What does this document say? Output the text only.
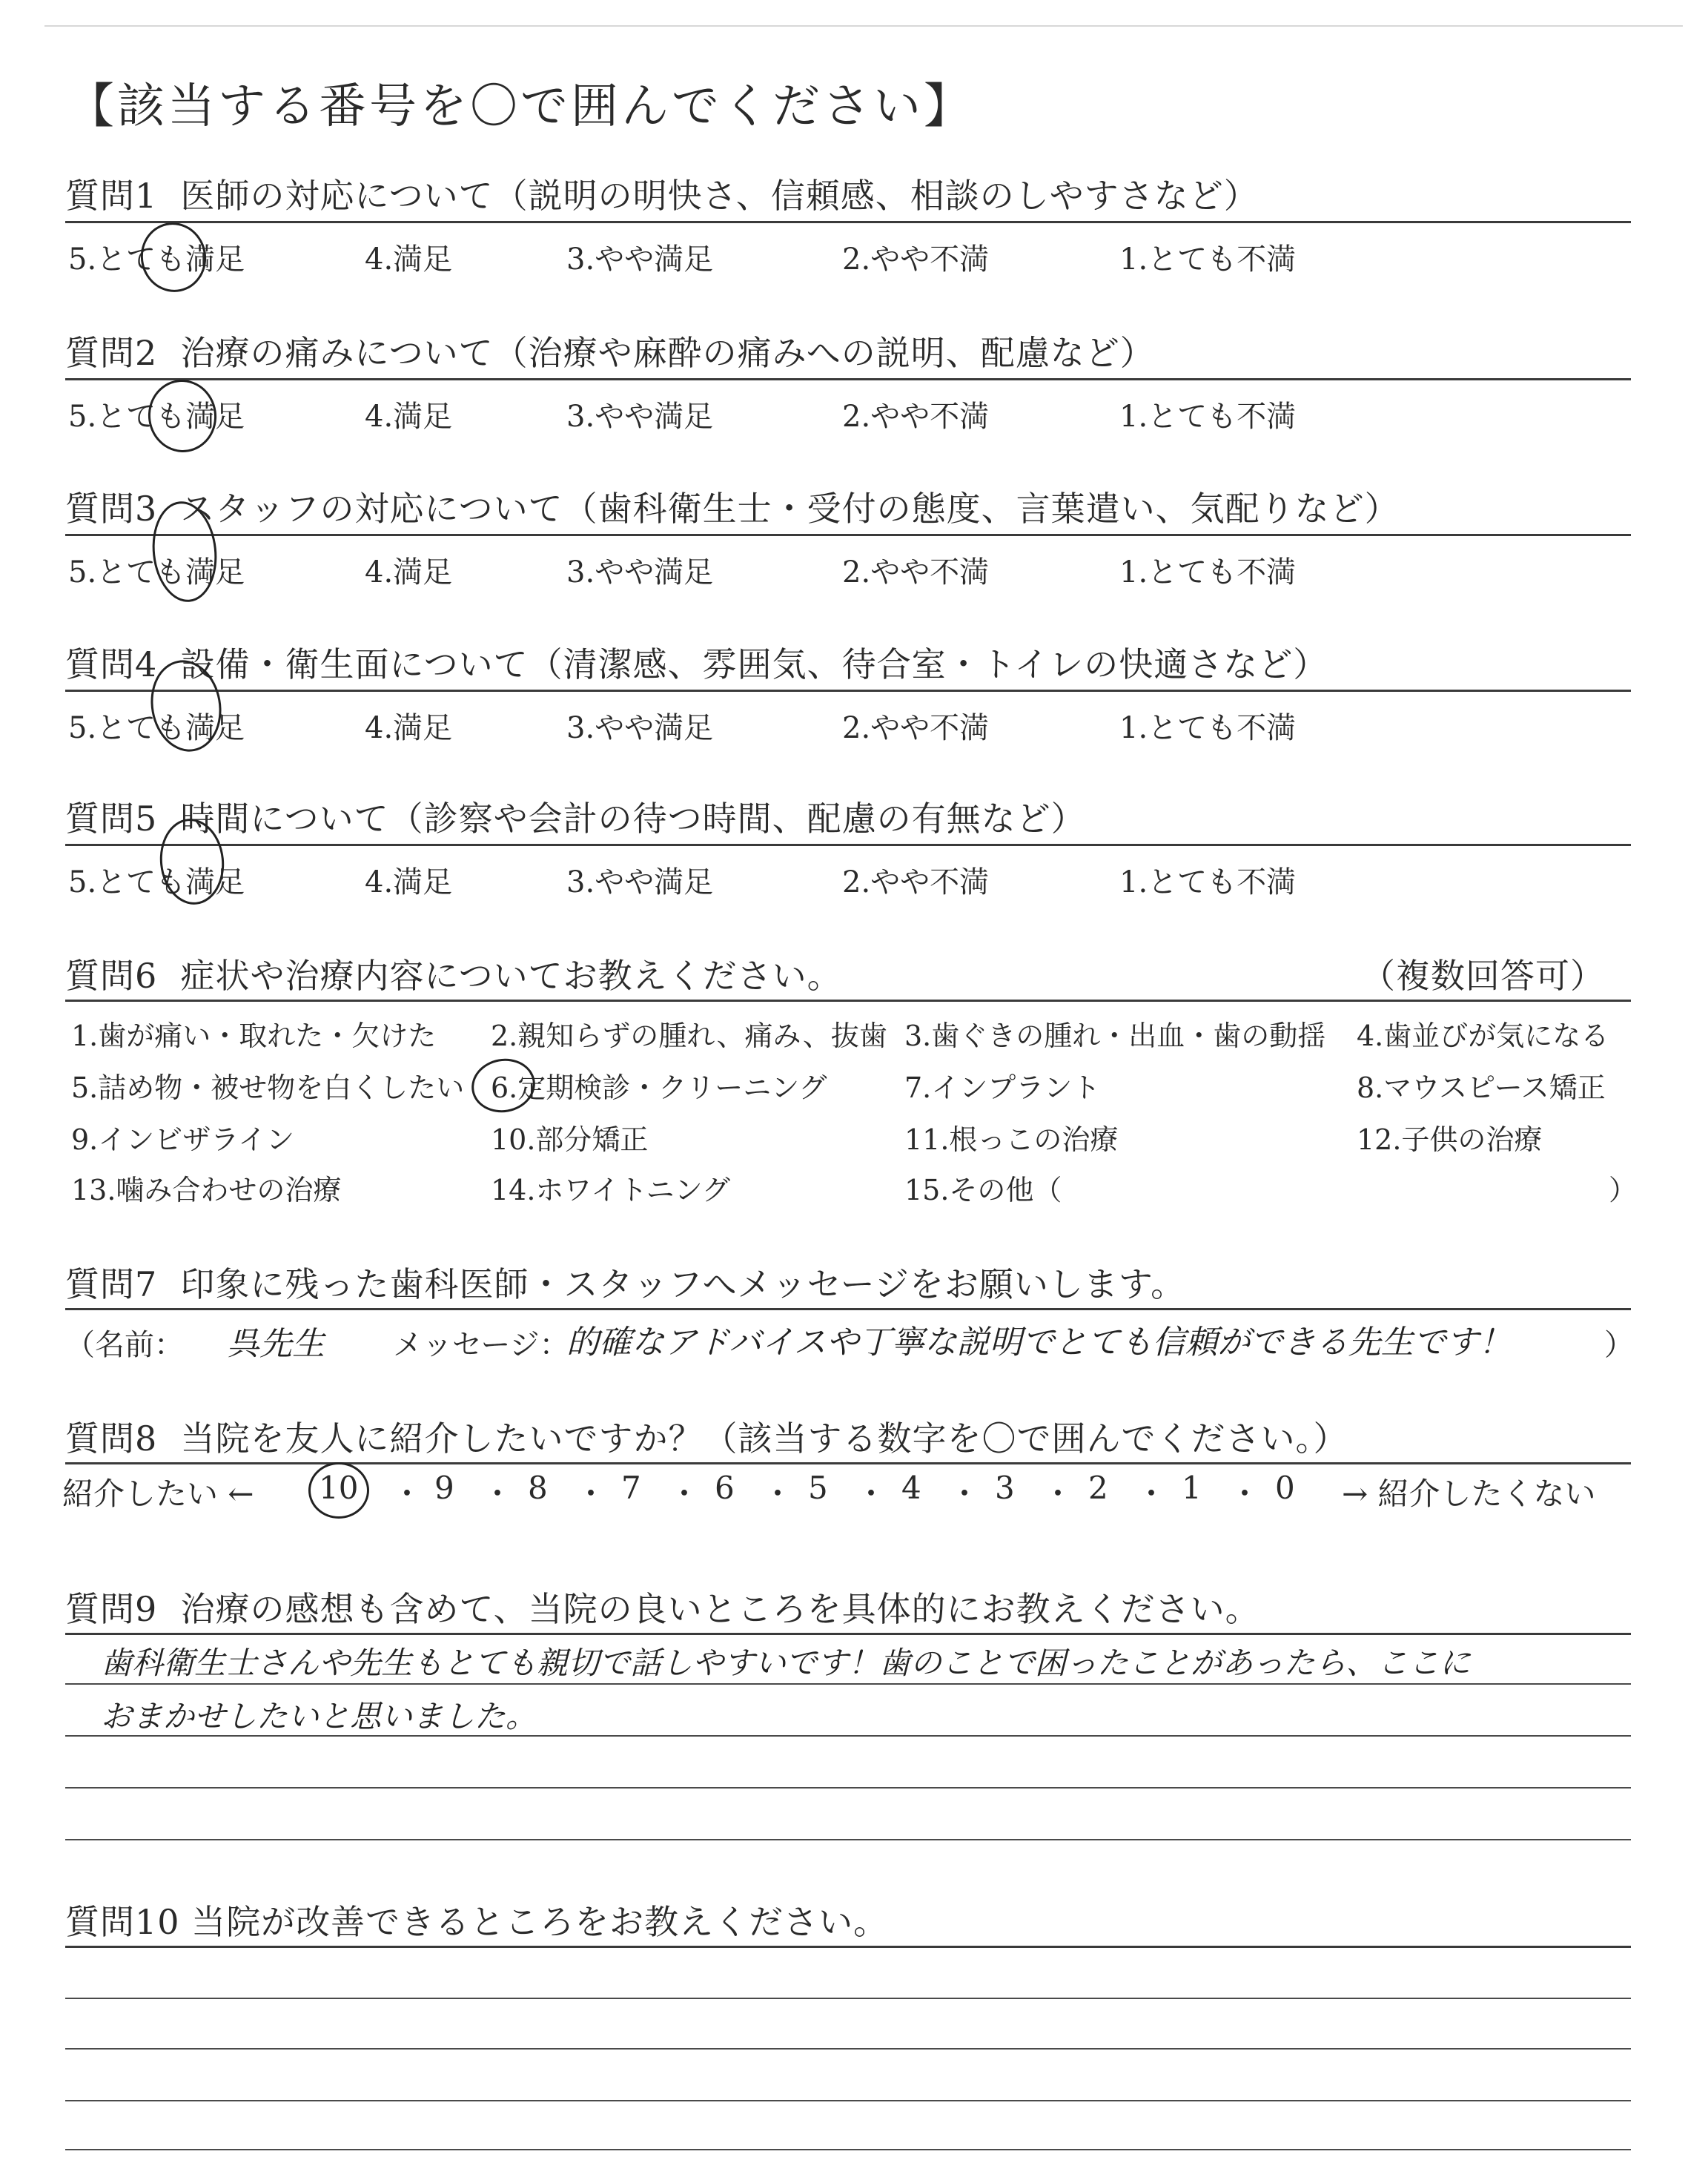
【該当する番号を〇で囲んでください】
質問1 医師の対応について（説明の明快さ、信頼感、相談のしやすさなど）
5.とても満足	4.満足	3.やや満足	2.やや不満	1.とても不満
質問2 治療の痛みについて（治療や麻酔の痛みへの説明、配慮など）
5.とても満足	4.満足	3.やや満足	2.やや不満	1.とても不満
質問3 スタッフの対応について（歯科衛生士・受付の態度、言葉遣い、気配りなど）
5.とても満足	4.満足	3.やや満足	2.やや不満	1.とても不満
質問4 設備・衛生面について（清潔感、雰囲気、待合室・トイレの快適さなど）
5.とても満足	4.満足	3.やや満足	2.やや不満	1.とても不満
質問5 時間について（診察や会計の待つ時間、配慮の有無など）
5.とても満足	4.満足	3.やや満足	2.やや不満	1.とても不満
質問6 症状や治療内容についてお教えください。	（複数回答可）
1.歯が痛い・取れた・欠けた 2.親知らずの腫れ、痛み、抜歯 3.歯ぐきの腫れ・出血・歯の動揺 4.歯並びが気になる
5.詰め物・被せ物を白くしたい 6.定期検診・クリーニング	7.インプラント	8.マウスピース矯正
9.インビザライン	10.部分矯正	11.根っこの治療	12.子供の治療
13.噛み合わせの治療	14.ホワイトニング	15.その他（	）
質問7 印象に残った歯科医師・スタッフへメッセージをお願いします。
（名前： 呉先生 メッセージ：
的確なアドバイスや丁寧な説明でとても信頼ができる先生です！	）
質問8 当院を友人に紹介したいですか？（該当する数字を〇で囲んでください。）
紹介したい ← 10 ・ 9 ・ 8 ・ 7 ・ 6 ・ 5 ・ 4 ・ 3 ・ 2 ・ 1 ・ 0 → 紹介したくない
質問9 治療の感想も含めて、当院の良いところを具体的にお教えください。
歯科衛生士さんや先生もとても親切で話しやすいです！歯のことで困ったことがあったら、ここに
おまかせしたいと思いました。
質問10 当院が改善できるところをお教えください。
